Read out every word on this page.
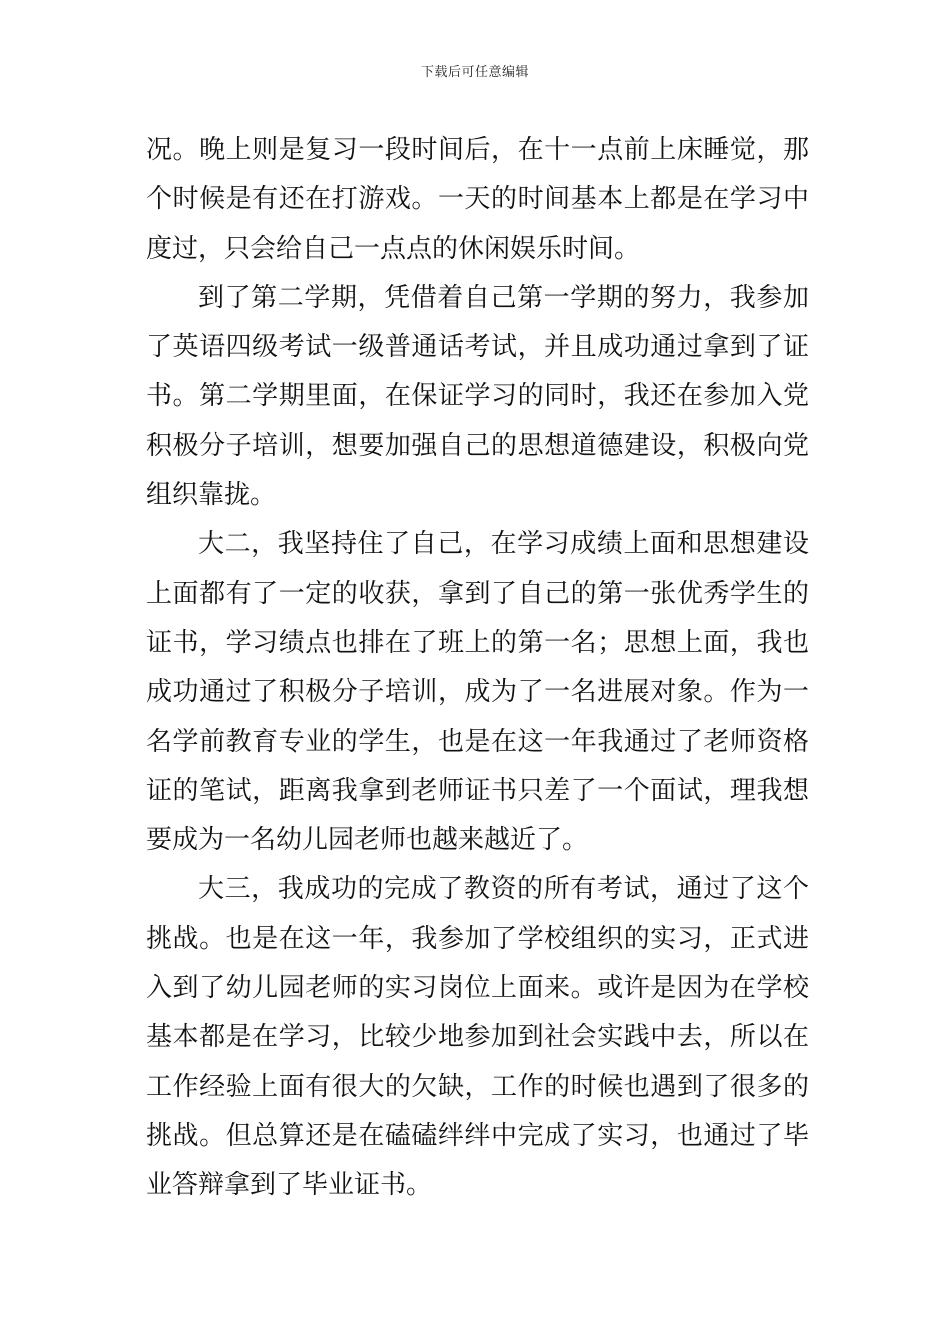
下载后可任意编辑
况。晚上则是复习一段时间后，在十一点前上床睡觉，那
个时候是有还在打游戏。一天的时间基本上都是在学习中
度过，只会给自己一点点的休闲娱乐时间。
到了第二学期，凭借着自己第一学期的努力，我参加
了英语四级考试一级普通话考试，并且成功通过拿到了证
书。第二学期里面，在保证学习的同时，我还在参加入党
积极分子培训，想要加强自己的思想道德建设，积极向党
组织靠拢。
大二，我坚持住了自己，在学习成绩上面和思想建设
上面都有了一定的收获，拿到了自己的第一张优秀学生的
证书，学习绩点也排在了班上的第一名；思想上面，我也
成功通过了积极分子培训，成为了一名进展对象。作为一
名学前教育专业的学生，也是在这一年我通过了老师资格
证的笔试，距离我拿到老师证书只差了一个面试，理我想
要成为一名幼儿园老师也越来越近了。
大三，我成功的完成了教资的所有考试，通过了这个
挑战。也是在这一年，我参加了学校组织的实习，正式进
入到了幼儿园老师的实习岗位上面来。或许是因为在学校
基本都是在学习，比较少地参加到社会实践中去，所以在
工作经验上面有很大的欠缺，工作的时候也遇到了很多的
挑战。但总算还是在磕磕绊绊中完成了实习，也通过了毕
业答辩拿到了毕业证书。
